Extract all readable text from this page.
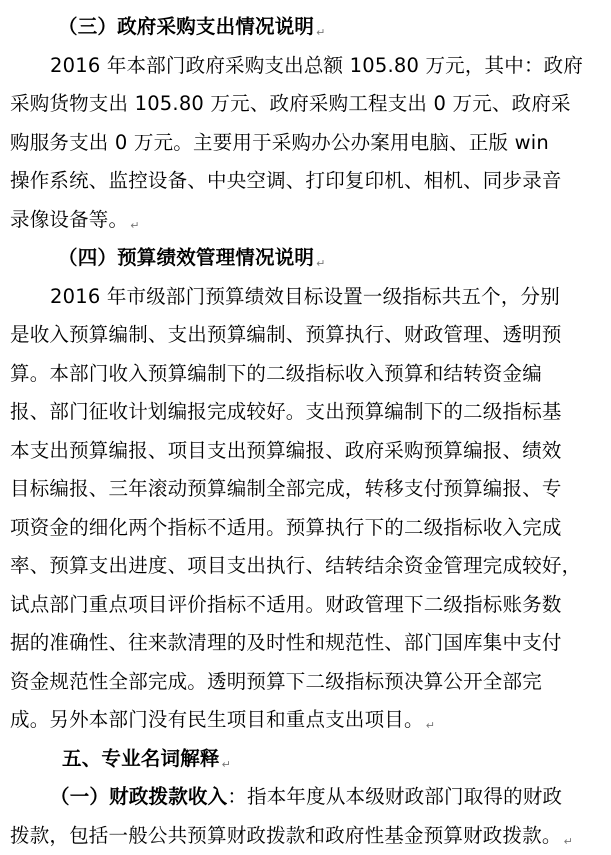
（三）政府采购支出情况说明 ↵
2016 年本部门政府采购支出总额 105.80 万元，其中：政府
采购货物支出 105.80 万元、政府采购工程支出 0 万元、政府采
购服务支出 0 万元。主要用于采购办公办案用电脑、正版 win
操作系统、监控设备、中央空调、打印复印机、相机、同步录音
录像设备等。 ↵
（四）预算绩效管理情况说明 ↵
2016 年市级部门预算绩效目标设置一级指标共五个，分别
是收入预算编制、支出预算编制、预算执行、财政管理、透明预
算。本部门收入预算编制下的二级指标收入预算和结转资金编
报、部门征收计划编报完成较好。支出预算编制下的二级指标基
本支出预算编报、项目支出预算编报、政府采购预算编报、绩效
目标编报、三年滚动预算编制全部完成，转移支付预算编报、专
项资金的细化两个指标不适用。预算执行下的二级指标收入完成
率、预算支出进度、项目支出执行、结转结余资金管理完成较好，
试点部门重点项目评价指标不适用。财政管理下二级指标账务数
据的准确性、往来款清理的及时性和规范性、部门国库集中支付
资金规范性全部完成。透明预算下二级指标预决算公开全部完
成。另外本部门没有民生项目和重点支出项目。 ↵
五、专业名词解释 ↵
（一）财政拨款收入：指本年度从本级财政部门取得的财政
拨款，包括一般公共预算财政拨款和政府性基金预算财政拨款。 ↵
